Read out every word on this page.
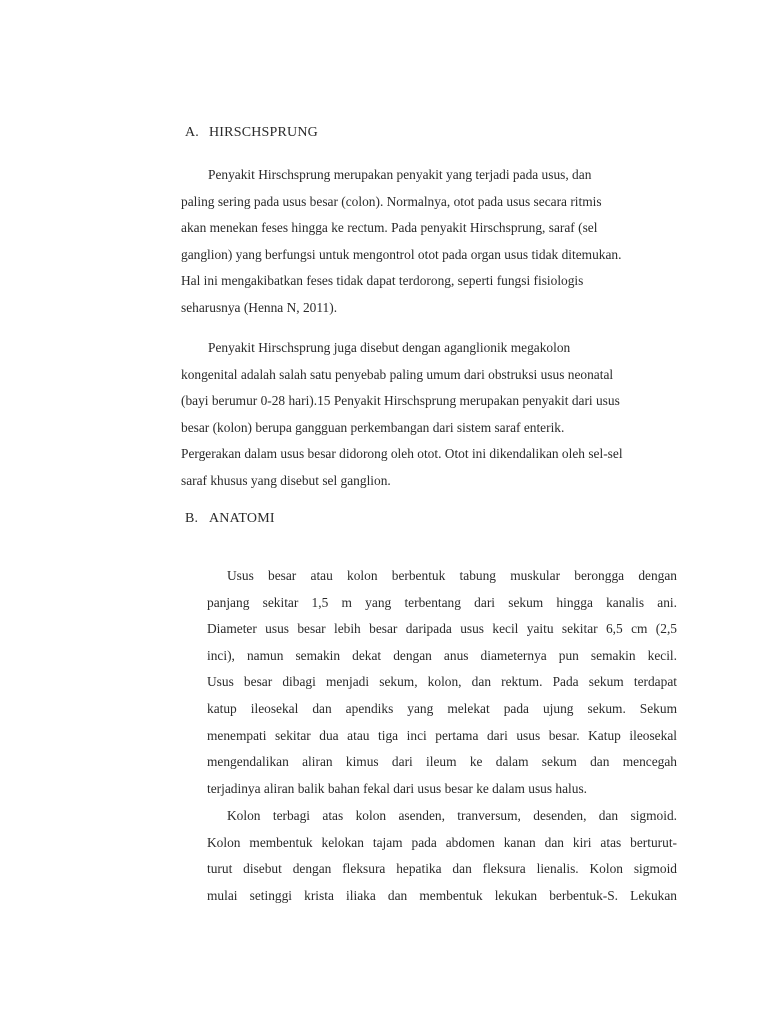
A. HIRSCHSPRUNG
Penyakit Hirschsprung merupakan penyakit yang terjadi pada usus, dan
paling sering pada usus besar (colon). Normalnya, otot pada usus secara ritmis
akan menekan feses hingga ke rectum. Pada penyakit Hirschsprung, saraf (sel
ganglion) yang berfungsi untuk mengontrol otot pada organ usus tidak ditemukan.
Hal ini mengakibatkan feses tidak dapat terdorong, seperti fungsi fisiologis
seharusnya (Henna N, 2011).
Penyakit Hirschsprung juga disebut dengan aganglionik megakolon
kongenital adalah salah satu penyebab paling umum dari obstruksi usus neonatal
(bayi berumur 0-28 hari).15 Penyakit Hirschsprung merupakan penyakit dari usus
besar (kolon) berupa gangguan perkembangan dari sistem saraf enterik.
Pergerakan dalam usus besar didorong oleh otot. Otot ini dikendalikan oleh sel-sel
saraf khusus yang disebut sel ganglion.
B. ANATOMI
Usus besar atau kolon berbentuk tabung muskular berongga dengan
panjang sekitar 1,5 m yang terbentang dari sekum hingga kanalis ani.
Diameter usus besar lebih besar daripada usus kecil yaitu sekitar 6,5 cm (2,5
inci), namun semakin dekat dengan anus diameternya pun semakin kecil.
Usus besar dibagi menjadi sekum, kolon, dan rektum. Pada sekum terdapat
katup ileosekal dan apendiks yang melekat pada ujung sekum. Sekum
menempati sekitar dua atau tiga inci pertama dari usus besar. Katup ileosekal
mengendalikan aliran kimus dari ileum ke dalam sekum dan mencegah
terjadinya aliran balik bahan fekal dari usus besar ke dalam usus halus.
Kolon terbagi atas kolon asenden, tranversum, desenden, dan sigmoid.
Kolon membentuk kelokan tajam pada abdomen kanan dan kiri atas berturut-
turut disebut dengan fleksura hepatika dan fleksura lienalis. Kolon sigmoid
mulai setinggi krista iliaka dan membentuk lekukan berbentuk-S. Lekukan
